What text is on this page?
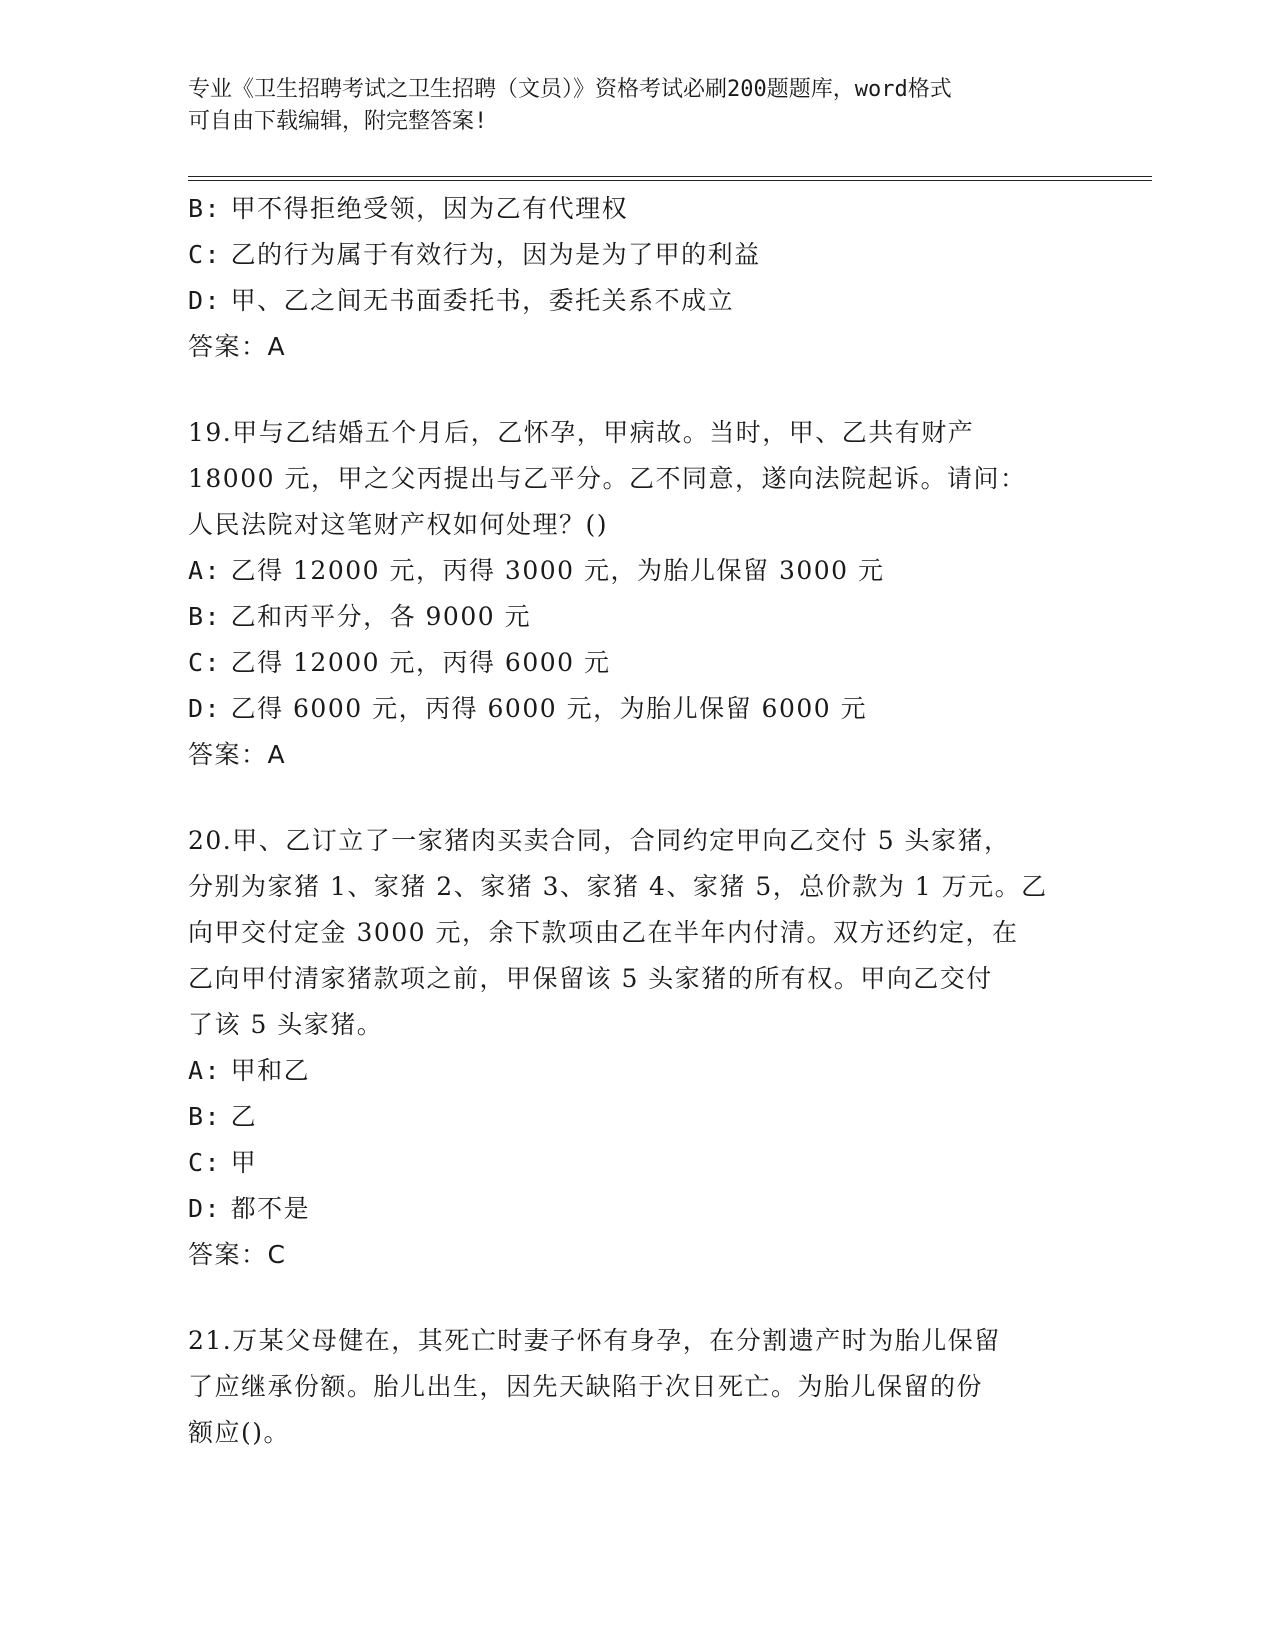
专业《卫生招聘考试之卫生招聘（文员）》资格考试必刷200题题库，word格式
可自由下载编辑，附完整答案!
B: 甲不得拒绝受领，因为乙有代理权
C: 乙的行为属于有效行为，因为是为了甲的利益
D: 甲、乙之间无书面委托书，委托关系不成立
答案：A
19.甲与乙结婚五个月后，乙怀孕，甲病故。当时，甲、乙共有财产
18000 元，甲之父丙提出与乙平分。乙不同意，遂向法院起诉。请问：
人民法院对这笔财产权如何处理？()
A: 乙得 12000 元，丙得 3000 元，为胎儿保留 3000 元
B: 乙和丙平分，各 9000 元
C: 乙得 12000 元，丙得 6000 元
D: 乙得 6000 元，丙得 6000 元，为胎儿保留 6000 元
答案：A
20.甲、乙订立了一家猪肉买卖合同，合同约定甲向乙交付 5 头家猪，
分别为家猪 1、家猪 2、家猪 3、家猪 4、家猪 5，总价款为 1 万元。乙
向甲交付定金 3000 元，余下款项由乙在半年内付清。双方还约定，在
乙向甲付清家猪款项之前，甲保留该 5 头家猪的所有权。甲向乙交付
了该 5 头家猪。
A: 甲和乙
B: 乙
C: 甲
D: 都不是
答案：C
21.万某父母健在，其死亡时妻子怀有身孕，在分割遗产时为胎儿保留
了应继承份额。胎儿出生，因先天缺陷于次日死亡。为胎儿保留的份
额应()。
